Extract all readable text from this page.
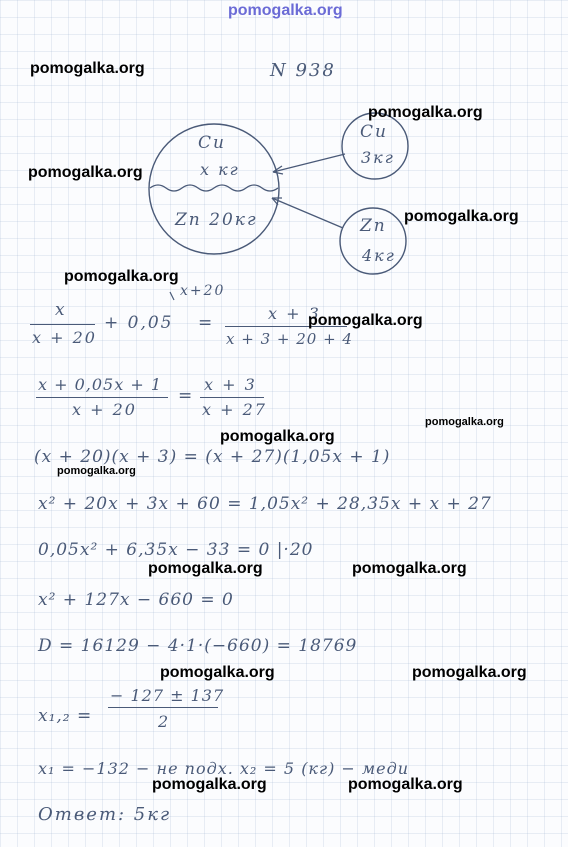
pomogalka.org
N 938
Cu
x кг
Zn 20кг
Cu
3кг
Zn
4кг
x+20
x
x + 20
+ 0,05 =	x + 3
x + 3 + 20 + 4
x + 0,05x + 1
x + 20
=
x + 3
x + 27
(x + 20)(x + 3) = (x + 27)(1,05x + 1)
x² + 20x + 3x + 60 = 1,05x² + 28,35x + x + 27
0,05x² + 6,35x − 33 = 0 |·20
x² + 127x − 660 = 0
D = 16129 − 4·1·(−660) = 18769
x₁,₂ =
− 127 ± 137
2
x₁ = −132 − не подх. x₂ = 5 (кг) − меди
Ответ: 5кг
pomogalka.org
pomogalka.org
pomogalka.org
pomogalka.org
pomogalka.org
pomogalka.org
pomogalka.org
pomogalka.org
pomogalka.org
pomogalka.org	pomogalka.org
pomogalka.org	pomogalka.org
pomogalka.org	pomogalka.org
